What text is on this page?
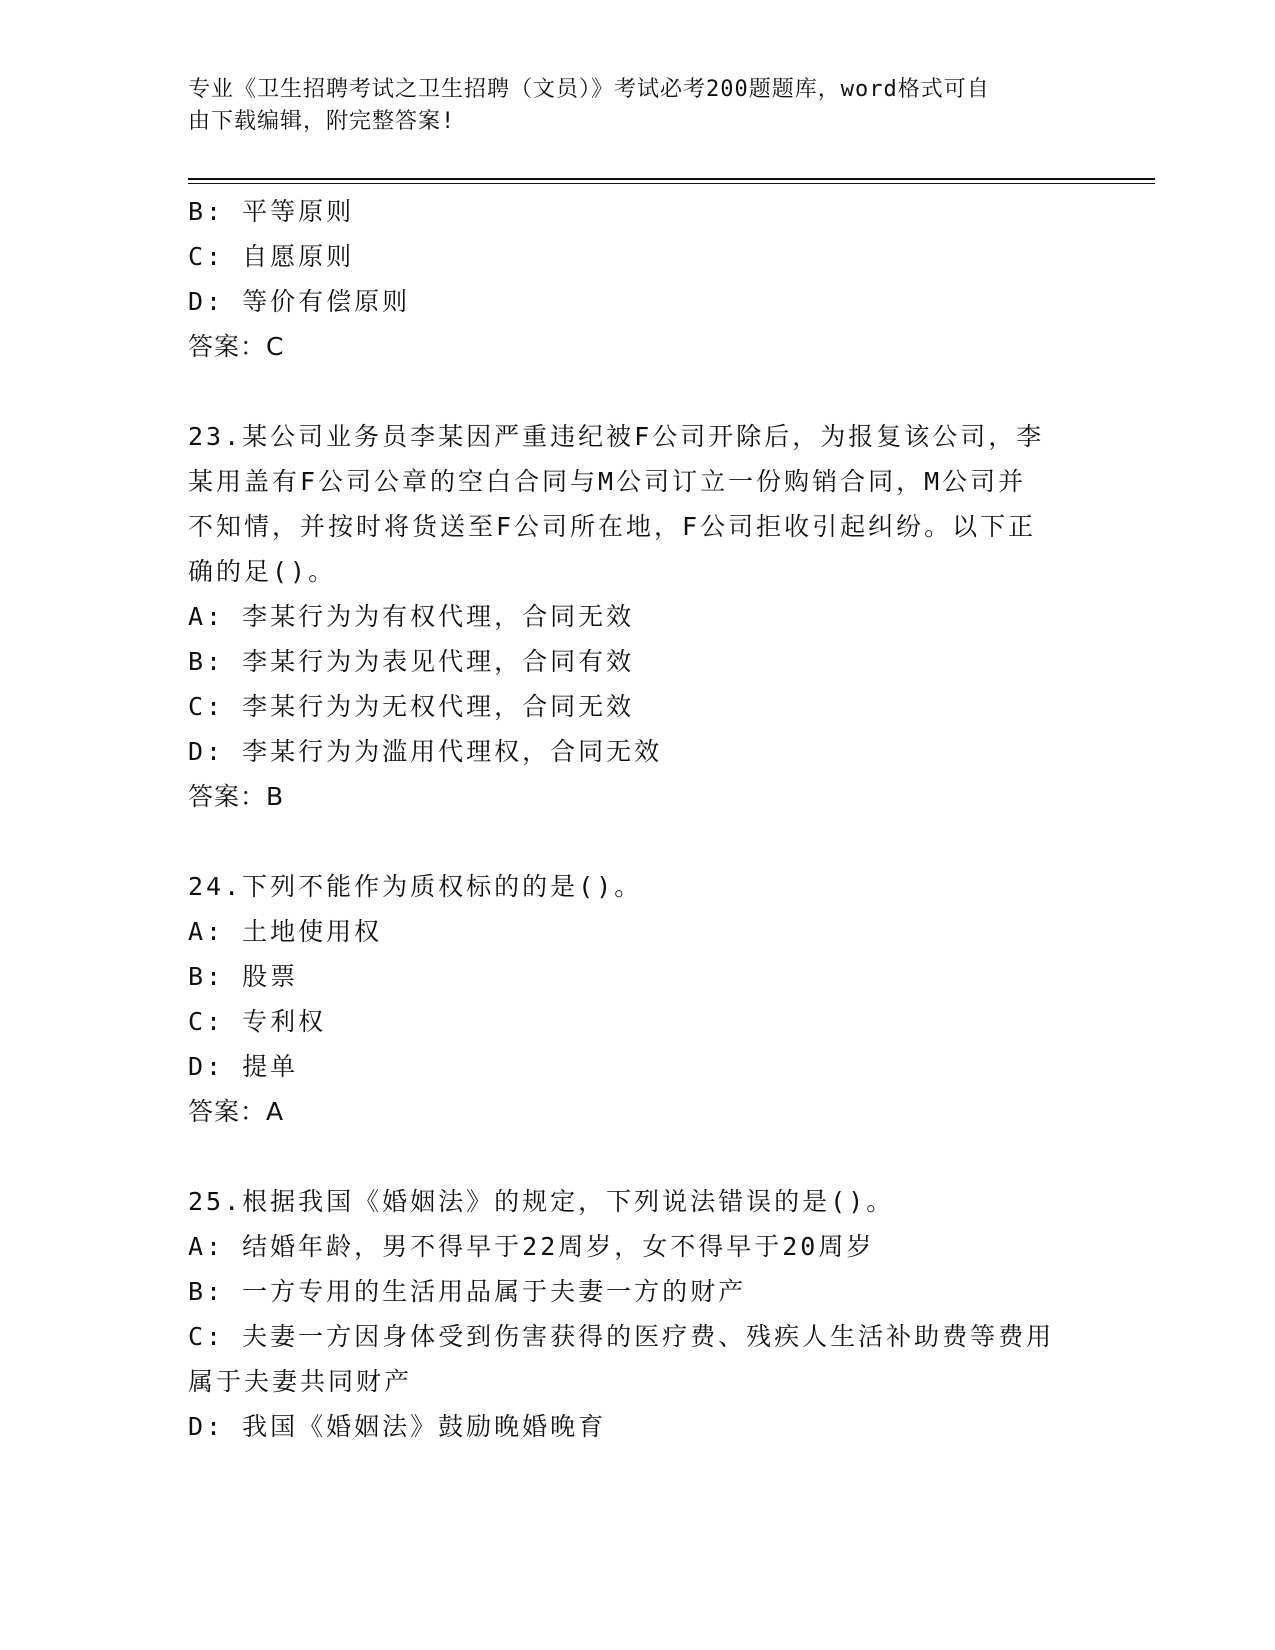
专业《卫生招聘考试之卫生招聘（文员）》考试必考200题题库，word格式可自
由下载编辑，附完整答案!
B: 平等原则
C: 自愿原则
D: 等价有偿原则
答案：C
23.某公司业务员李某因严重违纪被F公司开除后，为报复该公司，李
某用盖有F公司公章的空白合同与M公司订立一份购销合同，M公司并
不知情，并按时将货送至F公司所在地，F公司拒收引起纠纷。以下正
确的足()。
A: 李某行为为有权代理，合同无效
B: 李某行为为表见代理，合同有效
C: 李某行为为无权代理，合同无效
D: 李某行为为滥用代理权，合同无效
答案：B
24.下列不能作为质权标的的是()。
A: 土地使用权
B: 股票
C: 专利权
D: 提单
答案：A
25.根据我国《婚姻法》的规定，下列说法错误的是()。
A: 结婚年龄，男不得早于22周岁，女不得早于20周岁
B: 一方专用的生活用品属于夫妻一方的财产
C: 夫妻一方因身体受到伤害获得的医疗费、残疾人生活补助费等费用
属于夫妻共同财产
D: 我国《婚姻法》鼓励晚婚晚育
